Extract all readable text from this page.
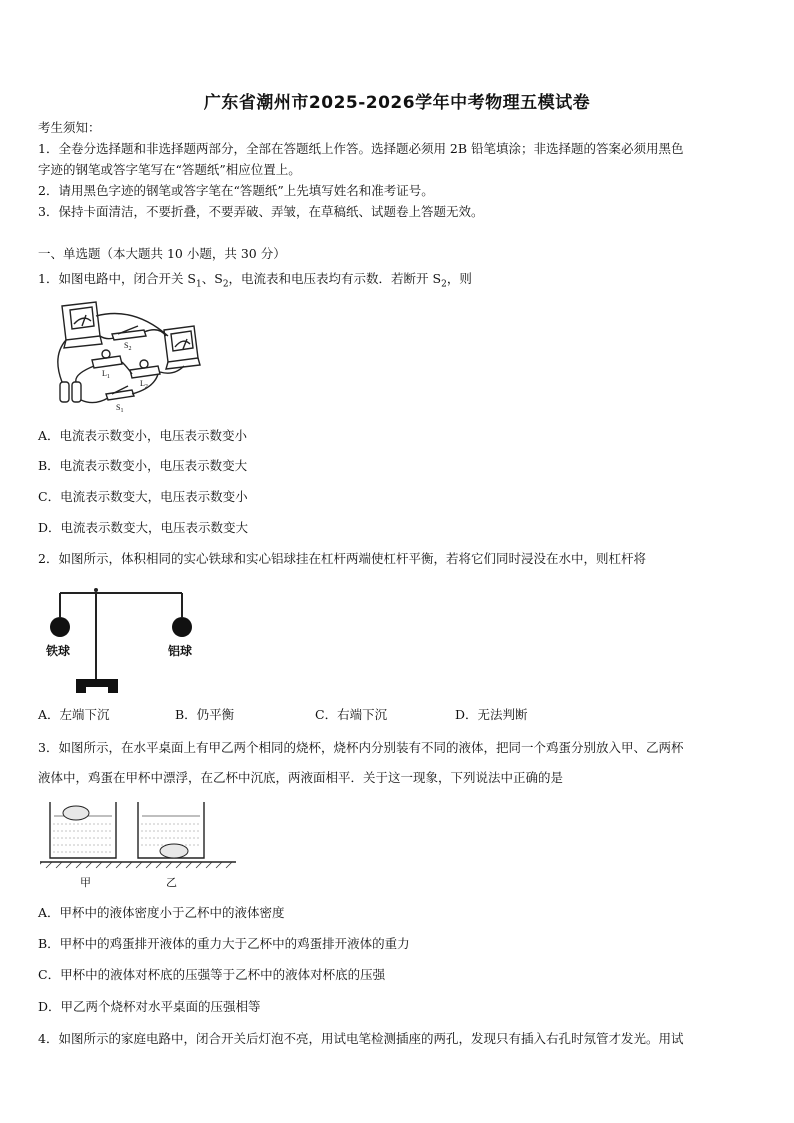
广东省潮州市2025-2026学年中考物理五模试卷
考生须知：
1．全卷分选择题和非选择题两部分，全部在答题纸上作答。选择题必须用 2B 铅笔填涂；非选择题的答案必须用黑色
字迹的钢笔或答字笔写在“答题纸”相应位置上。
2．请用黑色字迹的钢笔或答字笔在“答题纸”上先填写姓名和准考证号。
3．保持卡面清洁，不要折叠，不要弄破、弄皱，在草稿纸、试题卷上答题无效。
一、单选题（本大题共 10 小题，共 30 分）
1．如图电路中，闭合开关 $S_1$、$S_2$，电流表和电压表均有示数．若断开 $S_2$，则
$S_2$
$L_1$
$L_2$
$S_1$
A．电流表示数变小，电压表示数变小
B．电流表示数变小，电压表示数变大
C．电流表示数变大，电压表示数变小
D．电流表示数变大，电压表示数变大
2．如图所示，体积相同的实心铁球和实心铝球挂在杠杆两端使杠杆平衡，若将它们同时浸没在水中，则杠杆将
铁球	铝球
A．左端下沉	B．仍平衡	C．右端下沉	D．无法判断
3．如图所示，在水平桌面上有甲乙两个相同的烧杯，烧杯内分别装有不同的液体，把同一个鸡蛋分别放入甲、乙两杯
液体中，鸡蛋在甲杯中漂浮，在乙杯中沉底，两液面相平．关于这一现象，下列说法中正确的是
甲	乙
A．甲杯中的液体密度小于乙杯中的液体密度
B．甲杯中的鸡蛋排开液体的重力大于乙杯中的鸡蛋排开液体的重力
C．甲杯中的液体对杯底的压强等于乙杯中的液体对杯底的压强
D．甲乙两个烧杯对水平桌面的压强相等
4．如图所示的家庭电路中，闭合开关后灯泡不亮，用试电笔检测插座的两孔，发现只有插入右孔时氖管才发光。用试
